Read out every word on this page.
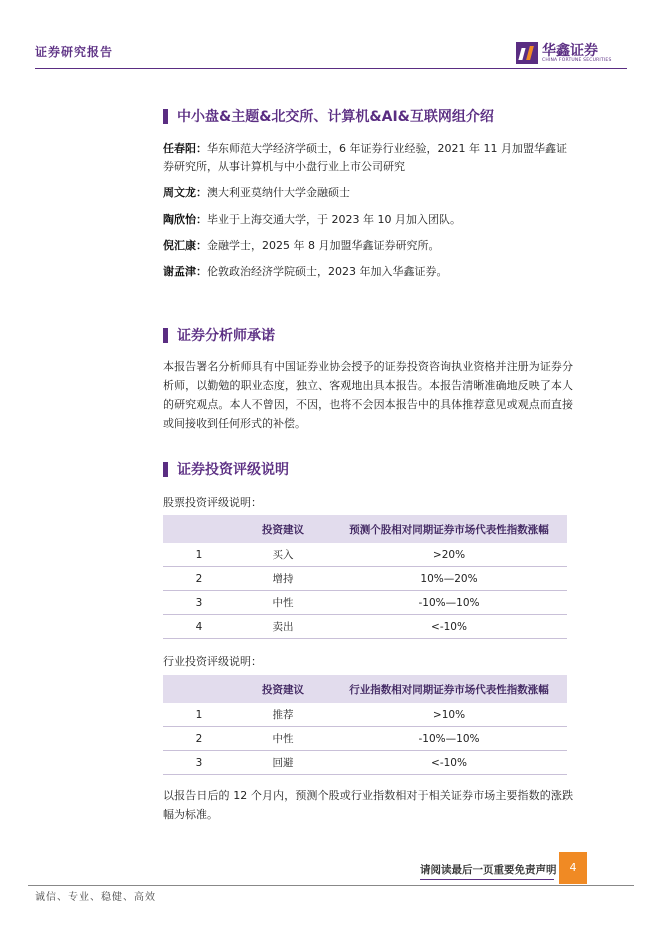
证券研究报告	华鑫证券
CHINA FORTUNE SECURITIES
中小盘&主题&北交所、计算机&AI&互联网组介绍
任春阳：华东师范大学经济学硕士，6 年证券行业经验，2021 年 11 月加盟华鑫证券研究所，从事计算机与中小盘行业上市公司研究
周文龙：澳大利亚莫纳什大学金融硕士
陶欣怡：毕业于上海交通大学，于 2023 年 10 月加入团队。
倪汇康：金融学士，2025 年 8 月加盟华鑫证券研究所。
谢孟津：伦敦政治经济学院硕士，2023 年加入华鑫证券。
证券分析师承诺
本报告署名分析师具有中国证券业协会授予的证券投资咨询执业资格并注册为证券分析师，以勤勉的职业态度，独立、客观地出具本报告。本报告清晰准确地反映了本人的研究观点。本人不曾因，不因，也将不会因本报告中的具体推荐意见或观点而直接或间接收到任何形式的补偿。
证券投资评级说明
股票投资评级说明：
	投资建议	预测个股相对同期证券市场代表性指数涨幅
1	买入	>20%
2	增持	10%—20%
3	中性	-10%—10%
4	卖出	<-10%
行业投资评级说明：
	投资建议	行业指数相对同期证券市场代表性指数涨幅
1	推荐	>10%
2	中性	-10%—10%
3	回避	<-10%
以报告日后的 12 个月内，预测个股或行业指数相对于相关证券市场主要指数的涨跌幅为标准。
请阅读最后一页重要免责声明	4
诚信、专业、稳健、高效
